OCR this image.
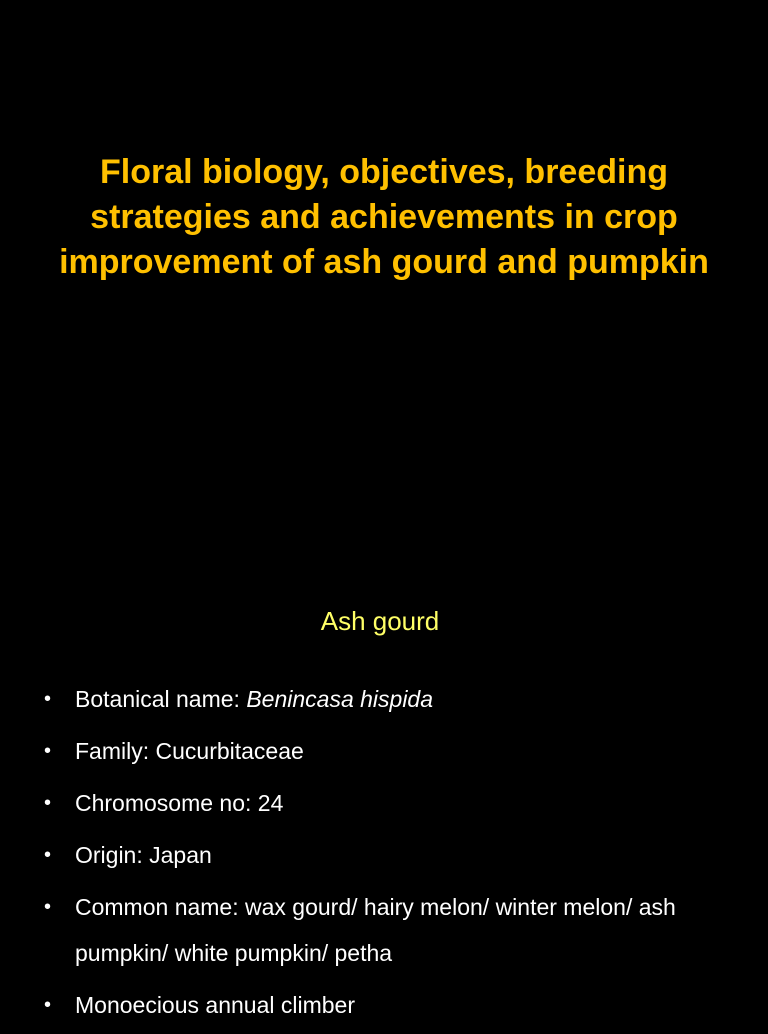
Floral biology, objectives, breeding strategies and achievements in crop improvement of ash gourd and pumpkin
Ash gourd
• Botanical name: Benincasa hispida
• Family: Cucurbitaceae
• Chromosome no: 24
• Origin: Japan
• Common name: wax gourd/ hairy melon/ winter melon/ ash pumpkin/ white pumpkin/ petha
• Monoecious annual climber
